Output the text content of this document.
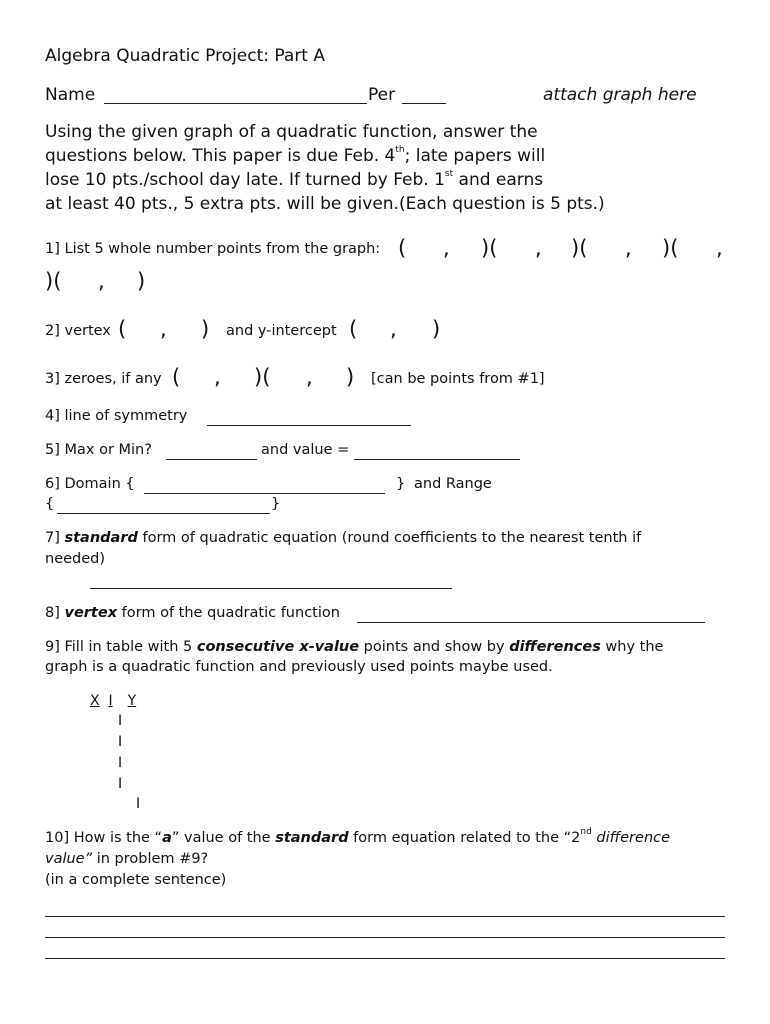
Algebra Quadratic Project: Part A
Name	Per	attach graph here
Using the given graph of a quadratic function, answer the
questions below. This paper is due Feb. 4th; late papers will
lose 10 pts./school day late. If turned by Feb. 1st and earns
at least 40 pts., 5 extra pts. will be given.(Each question is 5 pts.)
1] List 5 whole number points from the graph: ( , )( , )( , )( ,
)( , )
2] vertex ( , ) and y-intercept ( , )
3] zeroes, if any ( , )( , ) [can be points from #1]
4] line of symmetry
5] Max or Min?	and value =
6] Domain {	} and Range
{	}
7] standard form of quadratic equation (round coefficients to the nearest tenth if
needed)
8] vertex form of the quadratic function
9] Fill in table with 5 consecutive x-value points and show by differences why the
graph is a quadratic function and previously used points maybe used.
X I Y
I
I
I
I
I
10] How is the “a” value of the standard form equation related to the “2nd difference
value” in problem #9?
(in a complete sentence)
